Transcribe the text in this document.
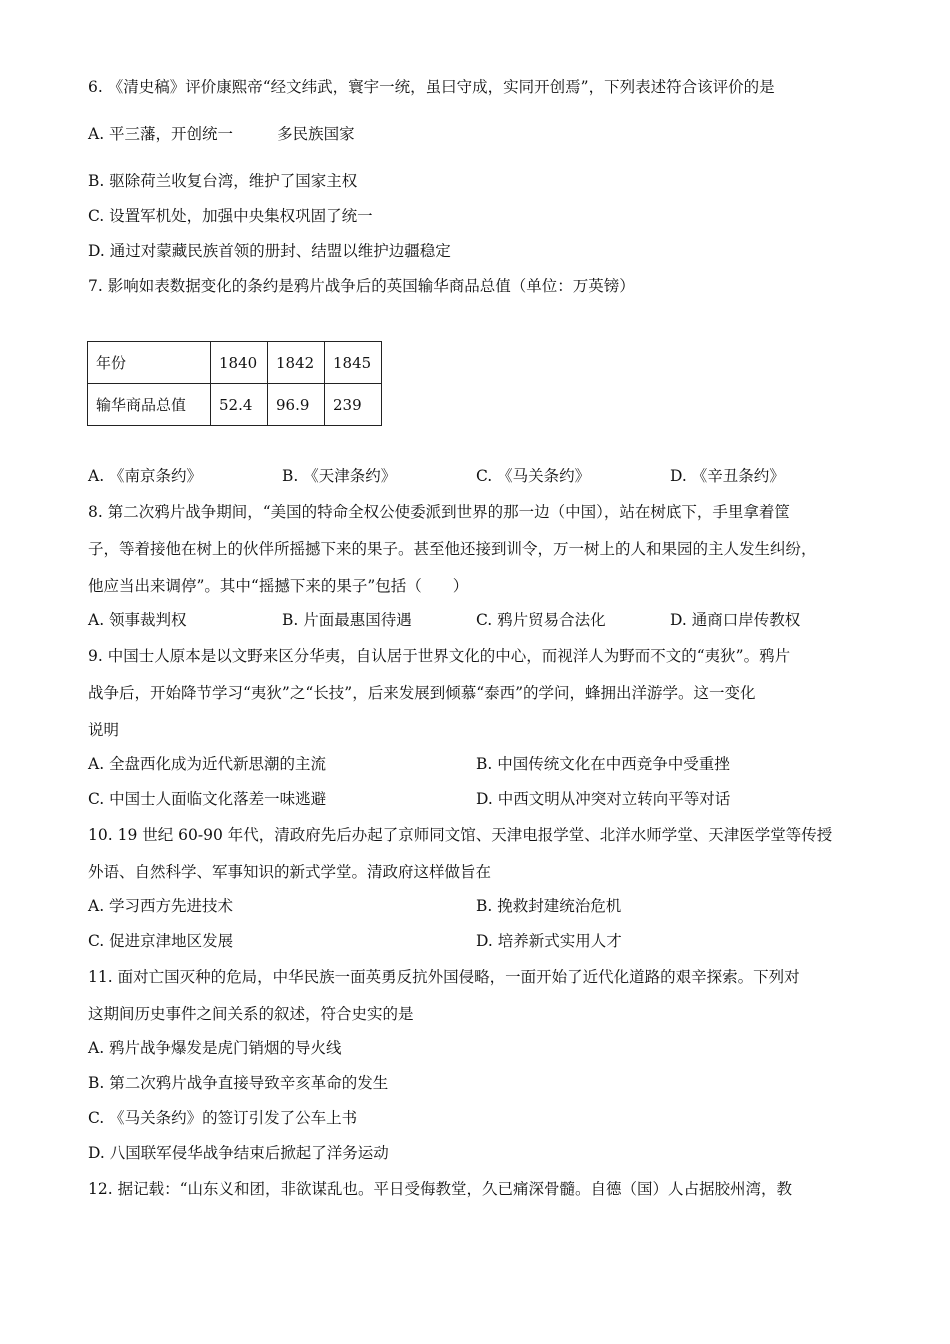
6. 《清史稿》评价康熙帝“经文纬武，寰宇一统，虽曰守成，实同开创焉”，下列表述符合该评价的是
A. 平三藩，开创统一	多民族国家
B. 驱除荷兰收复台湾，维护了国家主权
C. 设置军机处，加强中央集权巩固了统一
D. 通过对蒙藏民族首领的册封、结盟以维护边疆稳定
7. 影响如表数据变化的条约是鸦片战争后的英国输华商品总值（单位：万英镑）
年份	1840	1842	1845
输华商品总值	52.4	96.9	239
A. 《南京条约》	B. 《天津条约》	C. 《马关条约》	D. 《辛丑条约》
8. 第二次鸦片战争期间，“美国的特命全权公使委派到世界的那一边（中国），站在树底下，手里拿着筐
子，等着接他在树上的伙伴所摇撼下来的果子。甚至他还接到训令，万一树上的人和果园的主人发生纠纷，
他应当出来调停”。其中“摇撼下来的果子”包括（　　）
A. 领事裁判权	B. 片面最惠国待遇	C. 鸦片贸易合法化	D. 通商口岸传教权
9. 中国士人原本是以文野来区分华夷，自认居于世界文化的中心，而视洋人为野而不文的“夷狄”。鸦片
战争后，开始降节学习“夷狄”之“长技”，后来发展到倾慕“泰西”的学问，蜂拥出洋游学。这一变化
说明
A. 全盘西化成为近代新思潮的主流	B. 中国传统文化在中西竞争中受重挫
C. 中国士人面临文化落差一味逃避	D. 中西文明从冲突对立转向平等对话
10. 19 世纪 60-90 年代，清政府先后办起了京师同文馆、天津电报学堂、北洋水师学堂、天津医学堂等传授
外语、自然科学、军事知识的新式学堂。清政府这样做旨在
A. 学习西方先进技术	B. 挽救封建统治危机
C. 促进京津地区发展	D. 培养新式实用人才
11. 面对亡国灭种的危局，中华民族一面英勇反抗外国侵略，一面开始了近代化道路的艰辛探索。下列对
这期间历史事件之间关系的叙述，符合史实的是
A. 鸦片战争爆发是虎门销烟的导火线
B. 第二次鸦片战争直接导致辛亥革命的发生
C. 《马关条约》的签订引发了公车上书
D. 八国联军侵华战争结束后掀起了洋务运动
12. 据记载：“山东义和团，非欲谋乱也。平日受侮教堂，久已痛深骨髓。自德（国）人占据胶州湾，教
